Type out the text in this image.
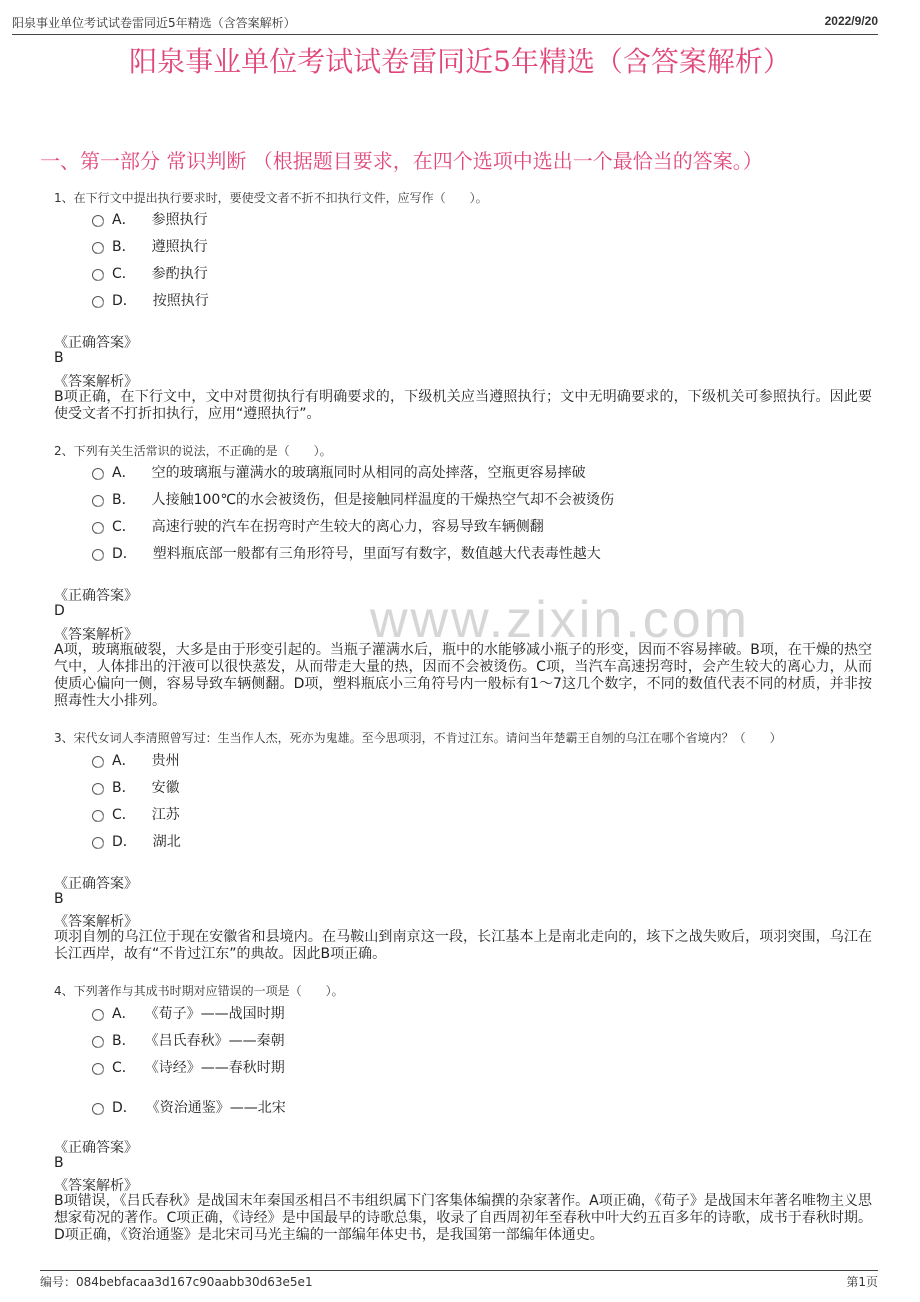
阳泉事业单位考试试卷雷同近5年精选（含答案解析）	2022/9/20
阳泉事业单位考试试卷雷同近5年精选（含答案解析）
www.zixin.com
一、第一部分 常识判断 （根据题目要求，在四个选项中选出一个最恰当的答案。）
1、在下行文中提出执行要求时，要使受文者不折不扣执行文件，应写作（　　）。
A． 参照执行
B． 遵照执行
C． 参酌执行
D． 按照执行
《正确答案》
B
《答案解析》
B项正确，在下行文中，文中对贯彻执行有明确要求的，下级机关应当遵照执行；文中无明确要求的，下级机关可参照执行。因此要使受文者不打折扣执行，应用“遵照执行”。
2、下列有关生活常识的说法，不正确的是（　　）。
A． 空的玻璃瓶与灌满水的玻璃瓶同时从相同的高处摔落，空瓶更容易摔破
B． 人接触100℃的水会被烫伤，但是接触同样温度的干燥热空气却不会被烫伤
C． 高速行驶的汽车在拐弯时产生较大的离心力，容易导致车辆侧翻
D． 塑料瓶底部一般都有三角形符号，里面写有数字，数值越大代表毒性越大
《正确答案》
D
《答案解析》
A项，玻璃瓶破裂，大多是由于形变引起的。当瓶子灌满水后，瓶中的水能够减小瓶子的形变，因而不容易摔破。B项，在干燥的热空气中，人体排出的汗液可以很快蒸发，从而带走大量的热，因而不会被烫伤。C项，当汽车高速拐弯时，会产生较大的离心力，从而使质心偏向一侧，容易导致车辆侧翻。D项，塑料瓶底小三角符号内一般标有1～7这几个数字，不同的数值代表不同的材质，并非按照毒性大小排列。
3、宋代女词人李清照曾写过：生当作人杰，死亦为鬼雄。至今思项羽，不肯过江东。请问当年楚霸王自刎的乌江在哪个省境内？（　　）
A． 贵州
B． 安徽
C． 江苏
D． 湖北
《正确答案》
B
《答案解析》
项羽自刎的乌江位于现在安徽省和县境内。在马鞍山到南京这一段，长江基本上是南北走向的，垓下之战失败后，项羽突围，乌江在长江西岸，故有“不肯过江东”的典故。因此B项正确。
4、下列著作与其成书时期对应错误的一项是（　　）。
A． 《荀子》——战国时期
B． 《吕氏春秋》——秦朝
C． 《诗经》——春秋时期
D． 《资治通鉴》——北宋
《正确答案》
B
《答案解析》
B项错误，《吕氏春秋》是战国末年秦国丞相吕不韦组织属下门客集体编撰的杂家著作。A项正确，《荀子》是战国末年著名唯物主义思想家荀况的著作。C项正确，《诗经》是中国最早的诗歌总集，收录了自西周初年至春秋中叶大约五百多年的诗歌，成书于春秋时期。D项正确，《资治通鉴》是北宋司马光主编的一部编年体史书，是我国第一部编年体通史。
编号：084bebfacaa3d167c90aabb30d63e5e1	第1页
